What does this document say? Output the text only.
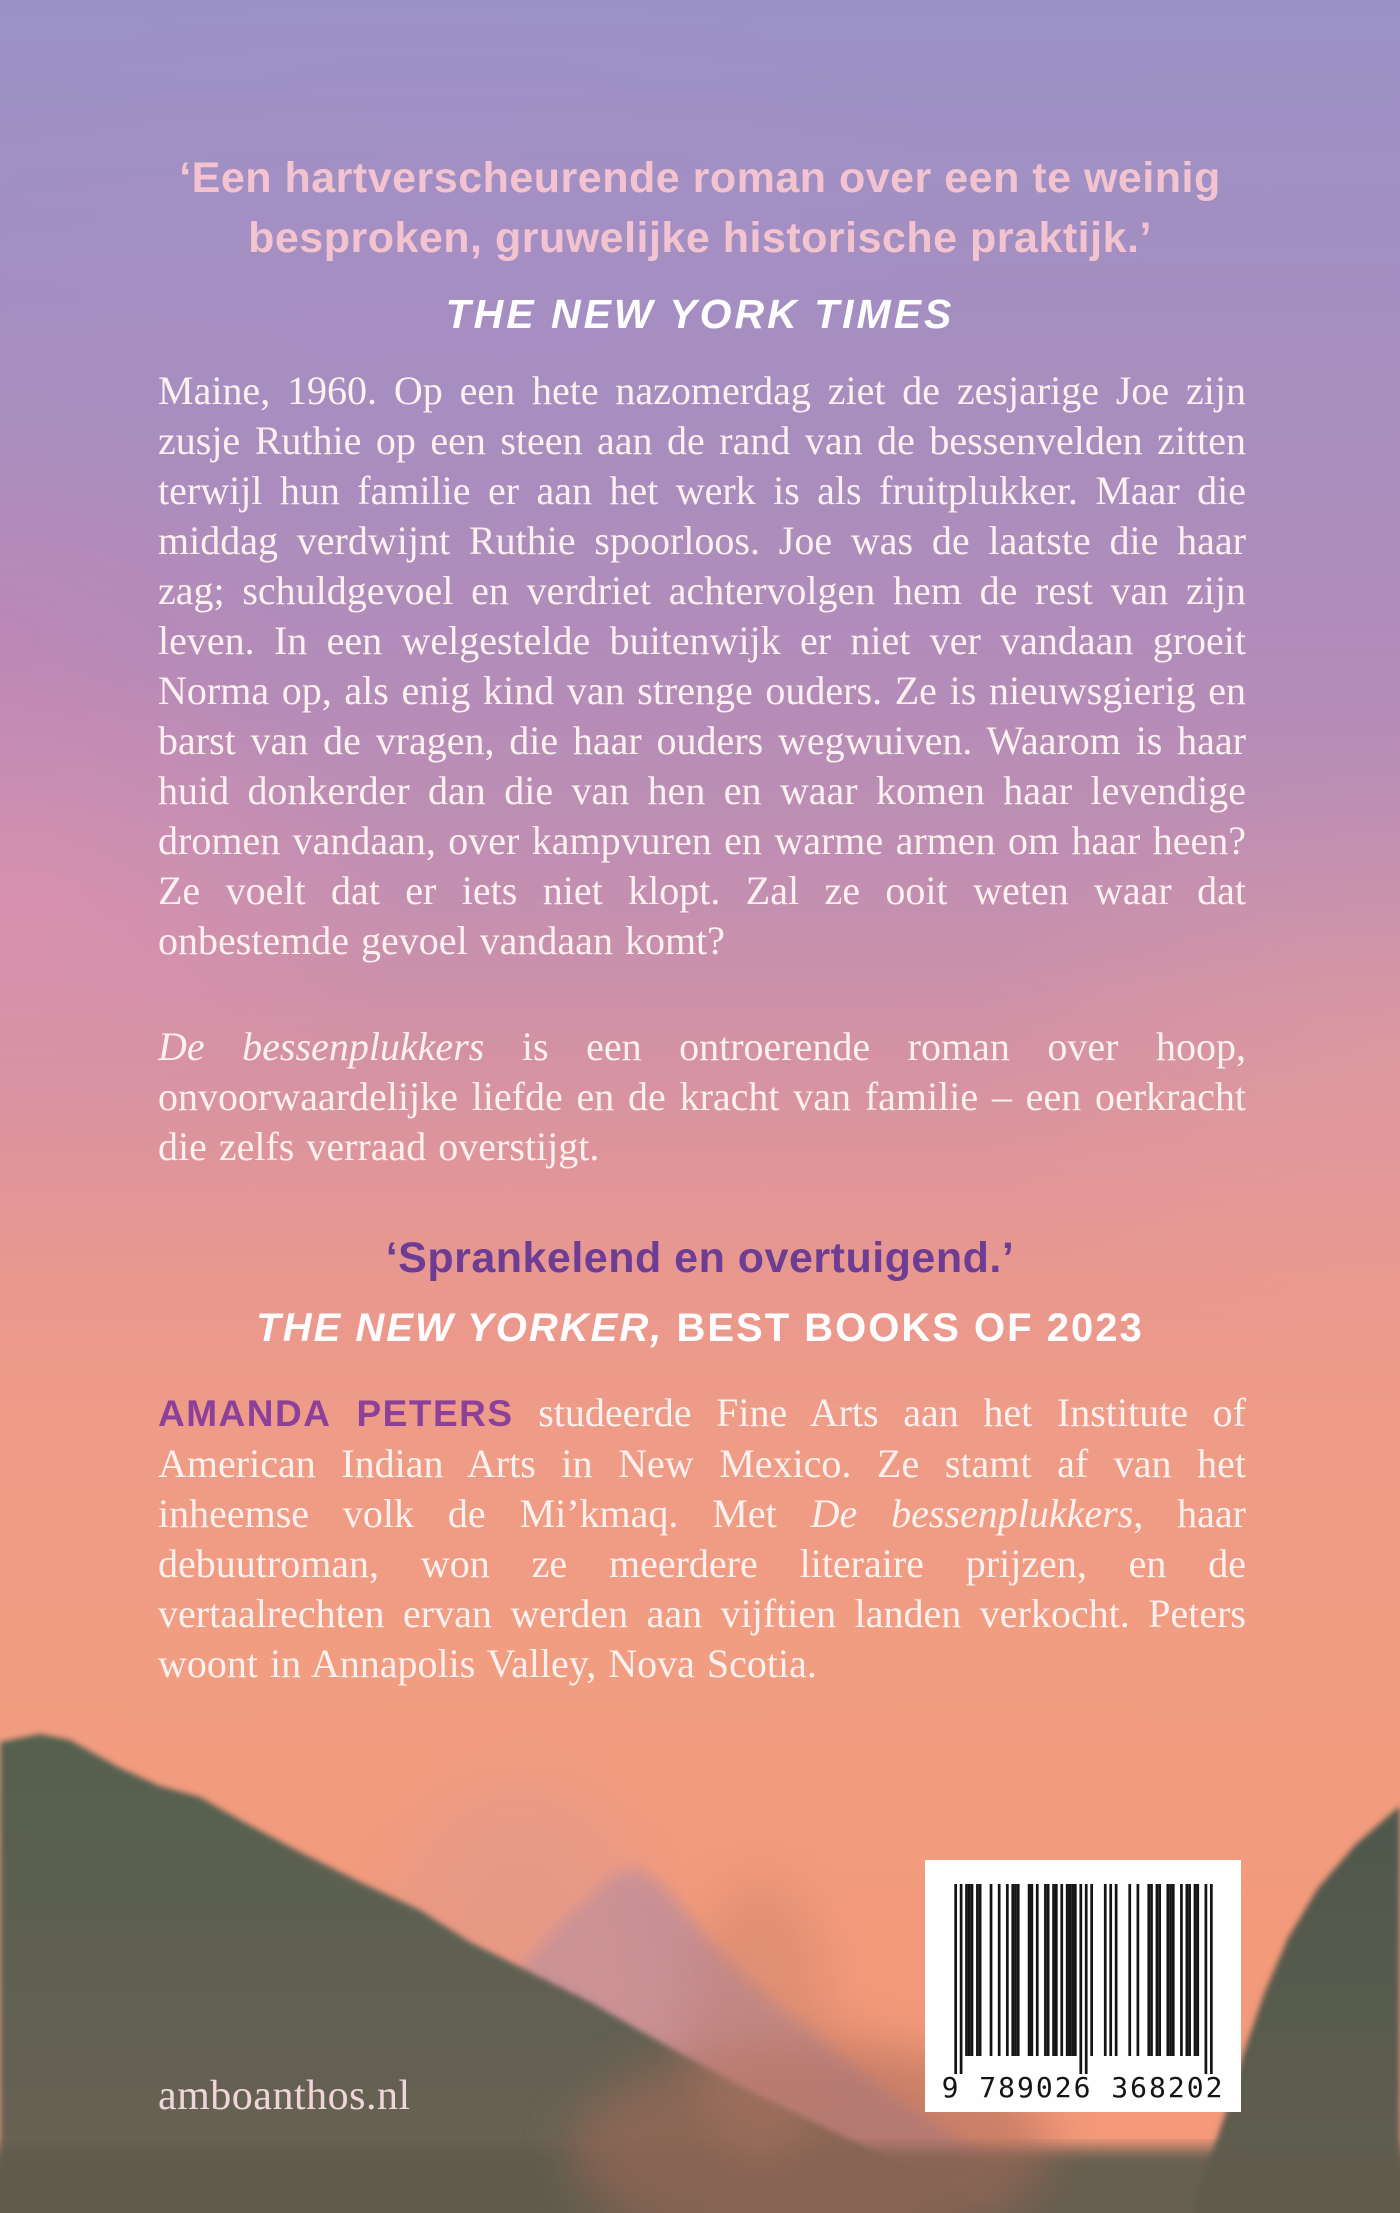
‘Een hartverscheurende roman over een te weinig besproken, gruwelijke historische praktijk.’
THE NEW YORK TIMES

Maine, 1960. Op een hete nazomerdag ziet de zesjarige Joe zijn zusje Ruthie op een steen aan de rand van de bessenvelden zitten terwijl hun familie er aan het werk is als fruitplukker. Maar die middag verdwijnt Ruthie spoorloos. Joe was de laatste die haar zag; schuldgevoel en verdriet achtervolgen hem de rest van zijn leven. In een welgestelde buitenwijk er niet ver vandaan groeit Norma op, als enig kind van strenge ouders. Ze is nieuwsgierig en barst van de vragen, die haar ouders wegwuiven. Waarom is haar huid donkerder dan die van hen en waar komen haar levendige dromen vandaan, over kampvuren en warme armen om haar heen? Ze voelt dat er iets niet klopt. Zal ze ooit weten waar dat onbestemde gevoel vandaan komt?

De bessenplukkers is een ontroerende roman over hoop, onvoorwaardelijke liefde en de kracht van familie – een oerkracht die zelfs verraad overstijgt.

‘Sprankelend en overtuigend.’
THE NEW YORKER, BEST BOOKS OF 2023

AMANDA PETERS studeerde Fine Arts aan het Institute of American Indian Arts in New Mexico. Ze stamt af van het inheemse volk de Mi’kmaq. Met De bessenplukkers, haar debuutroman, won ze meerdere literaire prijzen, en de vertaalrechten ervan werden aan vijftien landen verkocht. Peters woont in Annapolis Valley, Nova Scotia.

amboanthos.nl	9 789026 368202
